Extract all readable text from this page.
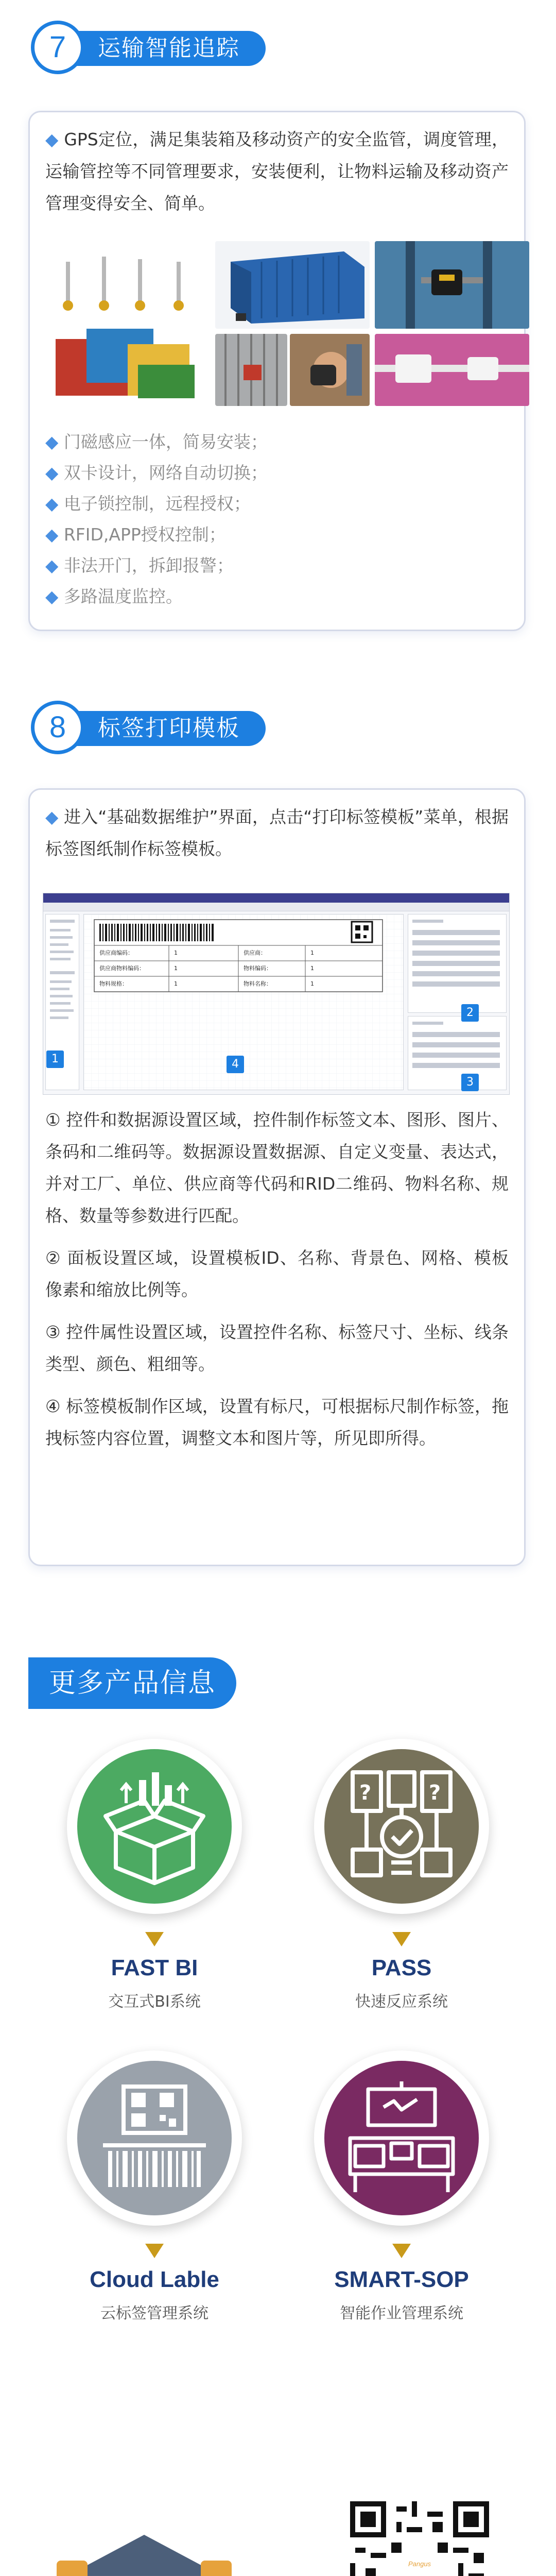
7	运输智能追踪
◆ GPS定位，满足集装箱及移动资产的安全监管，调度管理，运输管控等不同管理要求，安装便利，让物料运输及移动资产管理变得安全、简单。
◆ 门磁感应一体，简易安装；
◆ 双卡设计，网络自动切换；
◆ 电子锁控制，远程授权；
◆ RFID,APP授权控制；
◆ 非法开门，拆卸报警；
◆ 多路温度监控。
8	标签打印模板
◆ 进入“基础数据维护”界面，点击“打印标签模板”菜单，根据标签图纸制作标签模板。
供应商编码：	1	供应商：	1
供应商物料编码：	1	物料编码：	1
物料规格：	1	物料名称：	1
1
2
3
4
① 控件和数据源设置区域，控件制作标签文本、图形、图片、条码和二维码等。数据源设置数据源、自定义变量、表达式，并对工厂、单位、供应商等代码和RID二维码、物料名称、规格、数量等参数进行匹配。
② 面板设置区域，设置模板ID、名称、背景色、网格、模板像素和缩放比例等。
③ 控件属性设置区域，设置控件名称、标签尺寸、坐标、线条类型、颜色、粗细等。
④ 标签模板制作区域，设置有标尺，可根据标尺制作标签，拖拽标签内容位置，调整文本和图片等，所见即所得。
更多产品信息
FAST BI
交互式BI系统
?	?
PASS
快速反应系统
Cloud Lable
云标签管理系统
SMART-SOP
智能作业管理系统
Pangus
